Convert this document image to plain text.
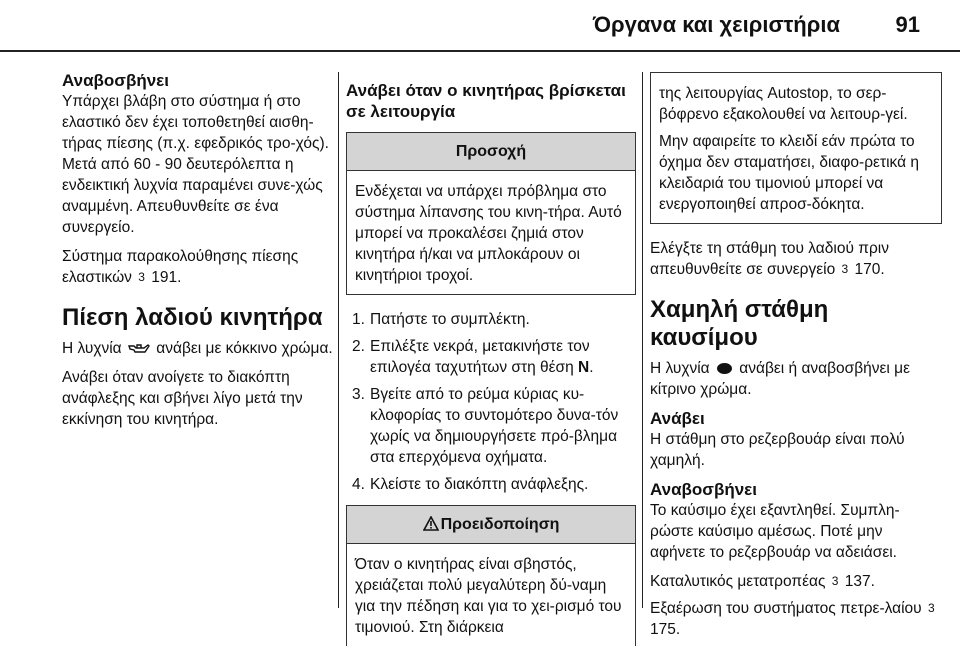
Όργανα και χειριστήρια	91
Αναβοσβήνει

Υπάρχει βλάβη στο σύστημα ή στο ελαστικό δεν έχει τοποθετηθεί αισθη-τήρας πίεσης (π.χ. εφεδρικός τρο-χός). Μετά από 60 - 90 δευτερόλεπτα η ενδεικτική λυχνία παραμένει συνε-χώς αναμμένη. Απευθυνθείτε σε ένα συνεργείο.

Σύστημα παρακολούθησης πίεσης ελαστικών 3 191.

Πίεση λαδιού κινητήρα

Η λυχνία ανάβει με κόκκινο χρώμα.

Ανάβει όταν ανοίγετε το διακόπτη ανάφλεξης και σβήνει λίγο μετά την εκκίνηση του κινητήρα.

Ανάβει όταν ο κινητήρας βρίσκεται σε λειτουργία
Προσοχή
Ενδέχεται να υπάρχει πρόβλημα στο σύστημα λίπανσης του κινη-τήρα. Αυτό μπορεί να προκαλέσει ζημιά στον κινητήρα ή/και να μπλοκάρουν οι κινητήριοι τροχοί.
1. Πατήστε το συμπλέκτη.
2. Επιλέξτε νεκρά, μετακινήστε τον επιλογέα ταχυτήτων στη θέση N.
3. Βγείτε από το ρεύμα κύριας κυ-κλοφορίας το συντομότερο δυνα-τόν χωρίς να δημιουργήσετε πρό-βλημα στα επερχόμενα οχήματα.
4. Κλείστε το διακόπτη ανάφλεξης.
Προειδοποίηση
Όταν ο κινητήρας είναι σβηστός, χρειάζεται πολύ μεγαλύτερη δύ-ναμη για την πέδηση και για το χει-ρισμό του τιμονιού. Στη διάρκεια

της λειτουργίας Autostop, το σερ-βόφρενο εξακολουθεί να λειτουρ-γεί.

Μην αφαιρείτε το κλειδί εάν πρώτα το όχημα δεν σταματήσει, διαφο-ρετικά η κλειδαριά του τιμονιού μπορεί να ενεργοποιηθεί απροσ-δόκητα.

Ελέγξτε τη στάθμη του λαδιού πριν απευθυνθείτε σε συνεργείο 3 170.

Χαμηλή στάθμη καυσίμου

Η λυχνία ανάβει ή αναβοσβήνει με κίτρινο χρώμα.

Ανάβει

Η στάθμη στο ρεζερβουάρ είναι πολύ χαμηλή.

Αναβοσβήνει

Το καύσιμο έχει εξαντληθεί. Συμπλη-ρώστε καύσιμο αμέσως. Ποτέ μην αφήνετε το ρεζερβουάρ να αδειάσει.

Καταλυτικός μετατροπέας 3 137.

Εξαέρωση του συστήματος πετρε-λαίου 3 175.
